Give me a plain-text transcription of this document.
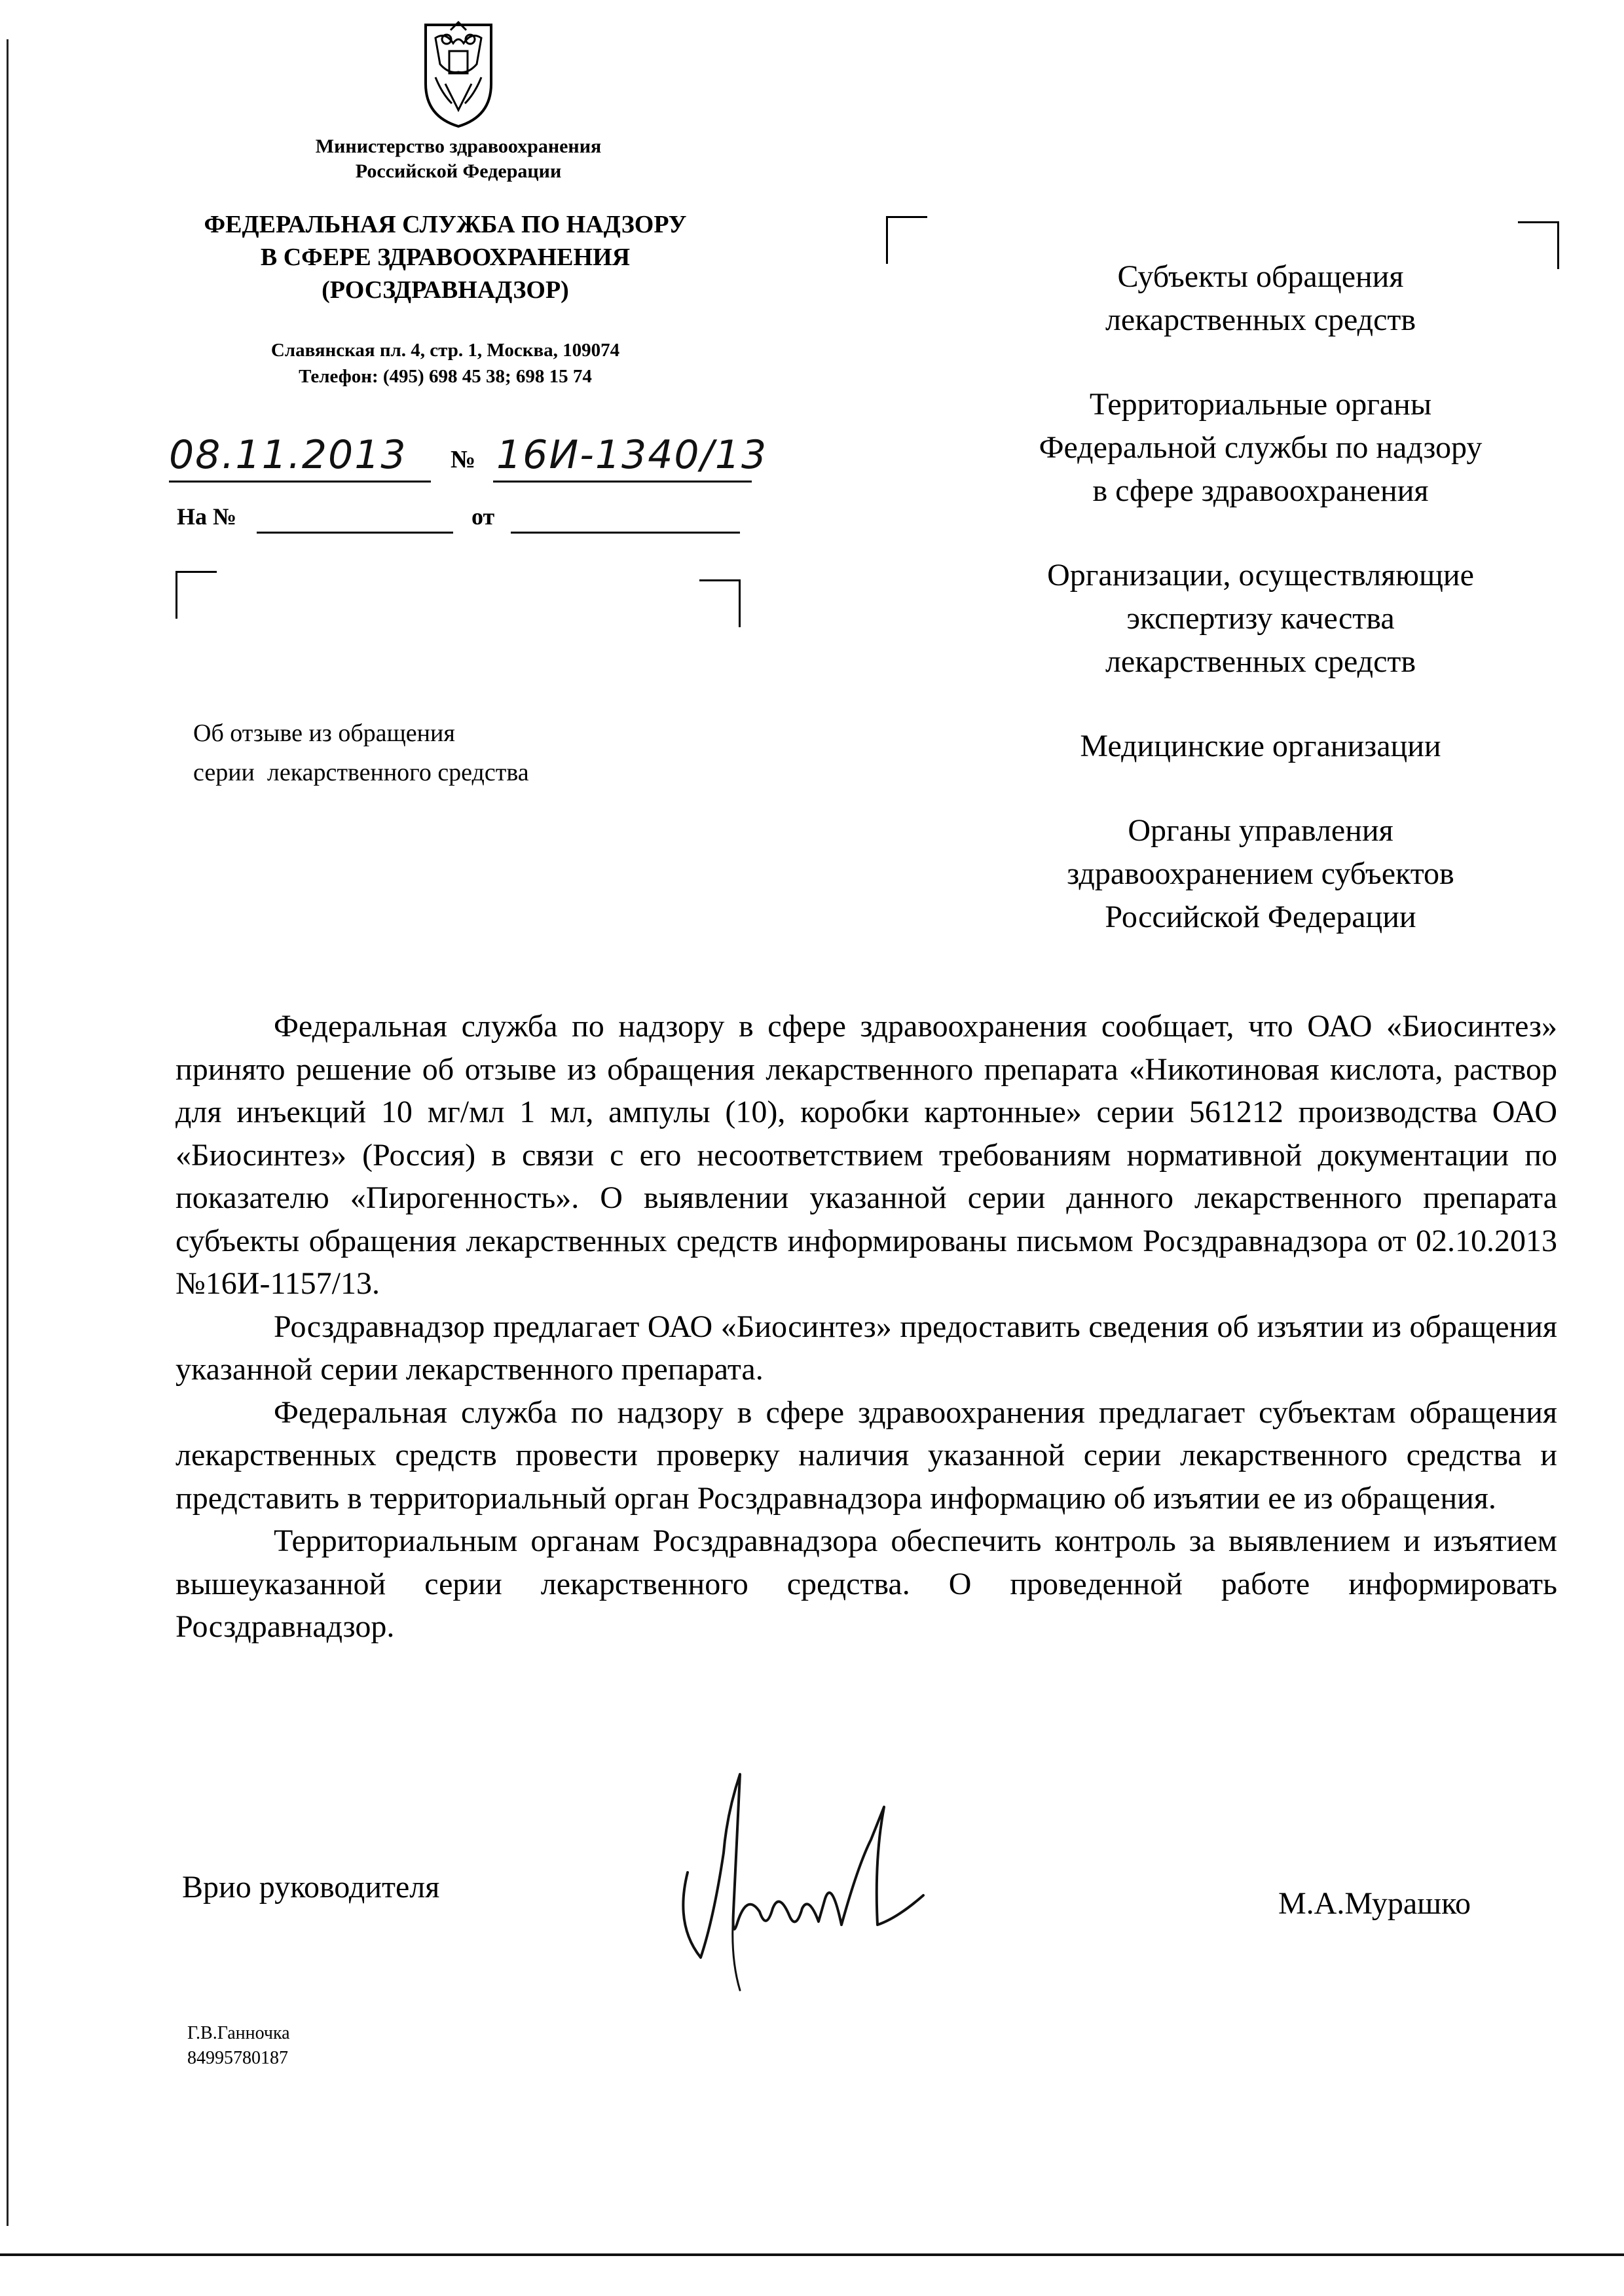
Министерство здравоохранения
Российской Федерации
ФЕДЕРАЛЬНАЯ СЛУЖБА ПО НАДЗОРУ
В СФЕРЕ ЗДРАВООХРАНЕНИЯ
(РОСЗДРАВНАДЗОР)
Славянская пл. 4, стр. 1, Москва, 109074
Телефон: (495) 698 45 38; 698 15 74
08.11.2013 № 16И-1340/13
На №	от
Об отзыве из обращения
серии  лекарственного средства
Субъекты обращения
лекарственных средств
Территориальные органы
Федеральной службы по надзору
в сфере здравоохранения
Организации, осуществляющие
экспертизу качества
лекарственных средств
Медицинские организации
Органы управления
здравоохранением субъектов
Российской Федерации

Федеральная служба по надзору в сфере здравоохранения сообщает, что ОАО «Биосинтез» принято решение об отзыве из обращения лекарственного препарата «Никотиновая кислота, раствор для инъекций 10 мг/мл 1 мл, ампулы (10), коробки картонные» серии 561212 производства ОАО «Биосинтез» (Россия) в связи с его несоответствием требованиям нормативной документации по показателю «Пирогенность». О выявлении указанной серии данного лекарственного препарата субъекты обращения лекарственных средств информированы письмом Росздравнадзора от 02.10.2013 №16И-1157/13.

Росздравнадзор предлагает ОАО «Биосинтез» предоставить сведения об изъятии из обращения указанной серии лекарственного препарата.

Федеральная служба по надзору в сфере здравоохранения предлагает субъектам обращения лекарственных средств провести проверку наличия указанной серии лекарственного средства и представить в территориальный орган Росздравнадзора информацию об изъятии ее из обращения.

Территориальным органам Росздравнадзора обеспечить контроль за выявлением и изъятием вышеуказанной серии лекарственного средства. О проведенной работе информировать Росздравнадзор.

Врио руководителя	М.А.Мурашко
Г.В.Ганночка
84995780187
